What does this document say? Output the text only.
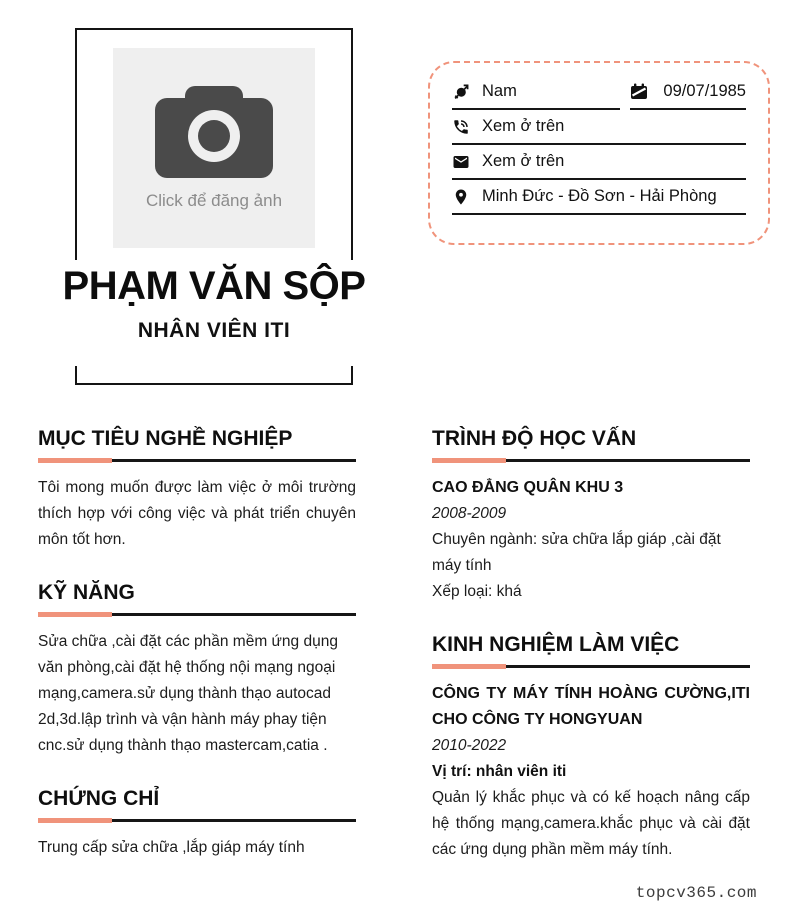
Click để đăng ảnh
PHẠM VĂN SỘP
NHÂN VIÊN ITI
Nam	09/07/1985
Xem ở trên
Xem ở trên
Minh Đức - Đồ Sơn - Hải Phòng
MỤC TIÊU NGHỀ NGHIỆP

Tôi mong muốn được làm việc ở môi trường thích hợp với công việc và phát triển chuyên môn tốt hơn.

KỸ NĂNG

Sửa chữa ,cài đặt các phần mềm ứng dụng văn phòng,cài đặt hệ thống nội mạng ngoại mạng,camera.sử dụng thành thạo autocad 2d,3d.lập trình và vận hành máy phay tiện cnc.sử dụng thành thạo mastercam,catia .

CHỨNG CHỈ

Trung cấp sửa chữa ,lắp giáp máy tính

TRÌNH ĐỘ HỌC VẤN

CAO ĐẲNG QUÂN KHU 3

2008-2009

Chuyên ngành: sửa chữa lắp giáp ,cài đặt máy tính

Xếp loại: khá

KINH NGHIỆM LÀM VIỆC

CÔNG TY MÁY TÍNH HOÀNG CƯỜNG,ITI CHO CÔNG TY HONGYUAN

2010-2022

Vị trí: nhân viên iti

Quản lý khắc phục và có kế hoạch nâng cấp hệ thống mạng,camera.khắc phục và cài đặt các ứng dụng phần mềm máy tính.

topcv365.com
